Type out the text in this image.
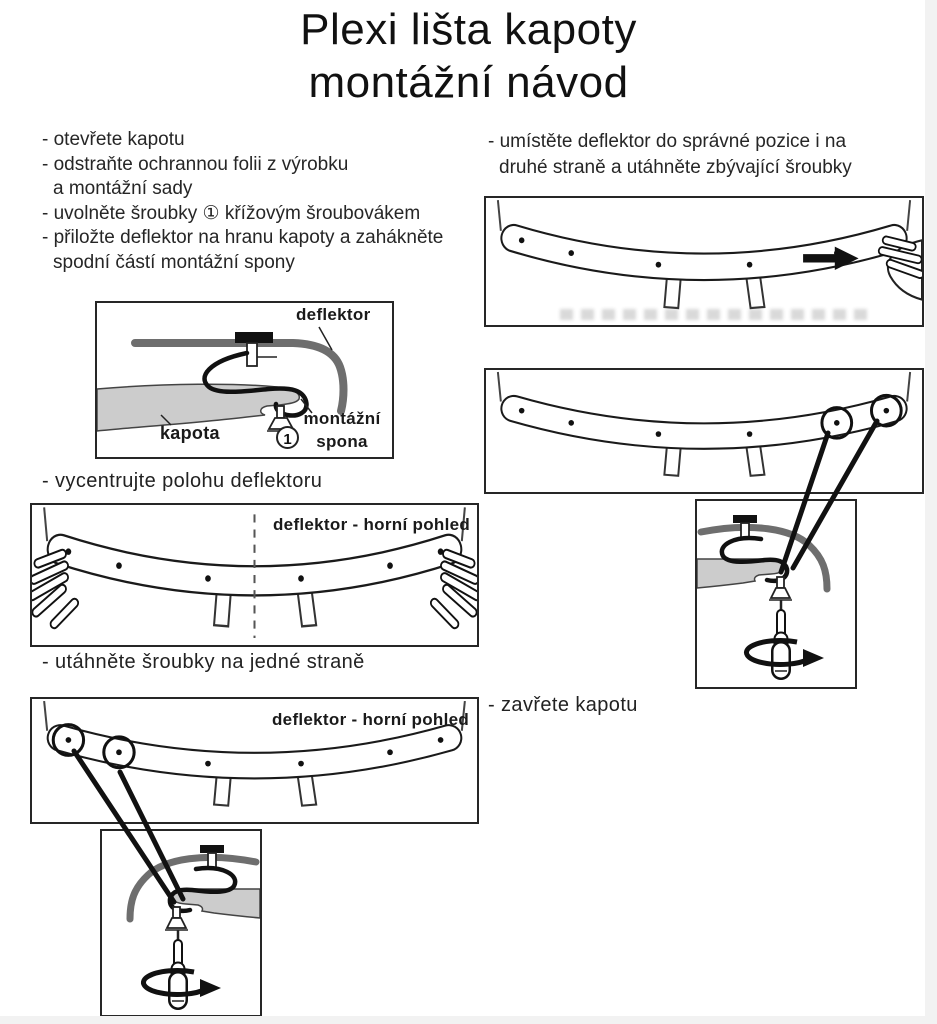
Plexi lišta kapoty
montážní návod
- otevřete kapotu
- odstraňte ochrannou folii z výrobku
a montážní sady
- uvolněte šroubky ① křížovým šroubovákem
- přiložte deflektor na hranu kapoty a zahákněte
spodní částí montážní spony
- umístěte deflektor do správné pozice i na
druhé straně a utáhněte zbývající šroubky
deflektor
kapota
montážní spona
1
- vycentrujte polohu deflektoru
deflektor - horní pohled
- utáhněte šroubky na jedné straně
deflektor - horní pohled
- zavřete kapotu
